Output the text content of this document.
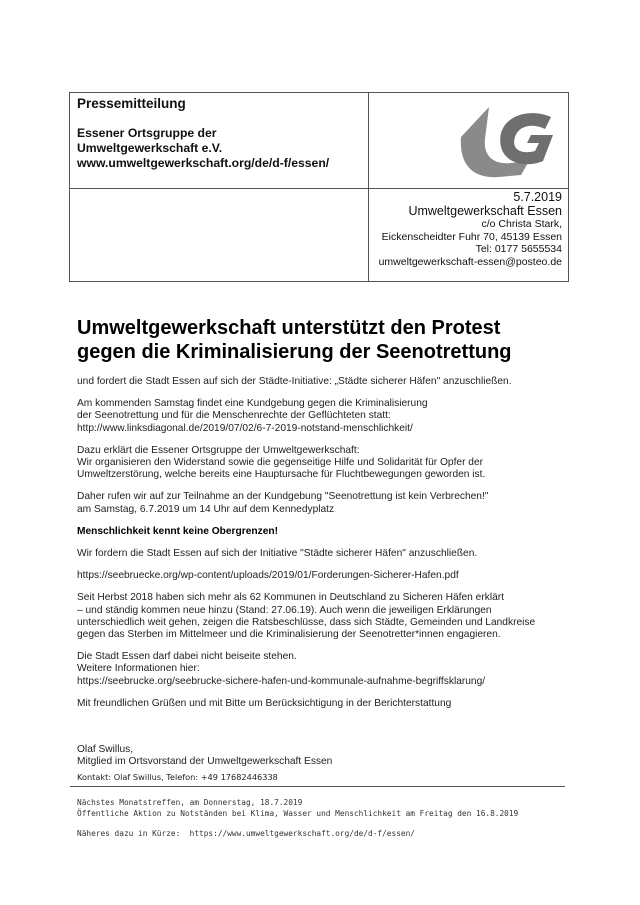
Pressemitteilung
Essener Ortsgruppe der
Umweltgewerkschaft e.V.
www.umweltgewerkschaft.org/de/d-f/essen/
5.7.2019
Umweltgewerkschaft Essen
c/o Christa Stark,
Eickenscheidter Fuhr 70, 45139 Essen
Tel: 0177 5655534
umweltgewerkschaft-essen@posteo.de
Umweltgewerkschaft unterstützt den Protest gegen die Kriminalisierung der Seenotrettung

und fordert die Stadt Essen auf sich der Städte-Initiative: „Städte sicherer Häfen" anzuschließen.

Am kommenden Samstag findet eine Kundgebung gegen die Kriminalisierung
der Seenotrettung und für die Menschenrechte der Geflüchteten statt:
http://www.linksdiagonal.de/2019/07/02/6-7-2019-notstand-menschlichkeit/

Dazu erklärt die Essener Ortsgruppe der Umweltgewerkschaft:
Wir organisieren den Widerstand sowie die gegenseitige Hilfe und Solidarität für Opfer der
Umweltzerstörung, welche bereits eine Hauptursache für Fluchtbewegungen geworden ist.

Daher rufen wir auf zur Teilnahme an der Kundgebung "Seenotrettung ist kein Verbrechen!"
am Samstag, 6.7.2019 um 14 Uhr auf dem Kennedyplatz

Menschlichkeit kennt keine Obergrenzen!

Wir fordern die Stadt Essen auf sich der Initiative "Städte sicherer Häfen" anzuschließen.

https://seebruecke.org/wp-content/uploads/2019/01/Forderungen-Sicherer-Hafen.pdf

Seit Herbst 2018 haben sich mehr als 62 Kommunen in Deutschland zu Sicheren Häfen erklärt
– und ständig kommen neue hinzu (Stand: 27.06.19). Auch wenn die jeweiligen Erklärungen
unterschiedlich weit gehen, zeigen die Ratsbeschlüsse, dass sich Städte, Gemeinden und Landkreise
gegen das Sterben im Mittelmeer und die Kriminalisierung der Seenotretter*innen engagieren.

Die Stadt Essen darf dabei nicht beiseite stehen.
Weitere Informationen hier:
https://seebrucke.org/seebrucke-sichere-hafen-und-kommunale-aufnahme-begriffsklarung/

Mit freundlichen Grüßen und mit Bitte um Berücksichtigung in der Berichterstattung

Olaf Swillus,
Mitglied im Ortsvorstand der Umweltgewerkschaft Essen
Kontakt: Olaf Swillus, Telefon: +49 17682446338
Nächstes Monatstreffen, am Donnerstag, 18.7.2019
Öffentliche Aktion zu Notständen bei Klima, Wasser und Menschlichkeit am Freitag den 16.8.2019
Näheres dazu in Kürze:  https://www.umweltgewerkschaft.org/de/d-f/essen/
